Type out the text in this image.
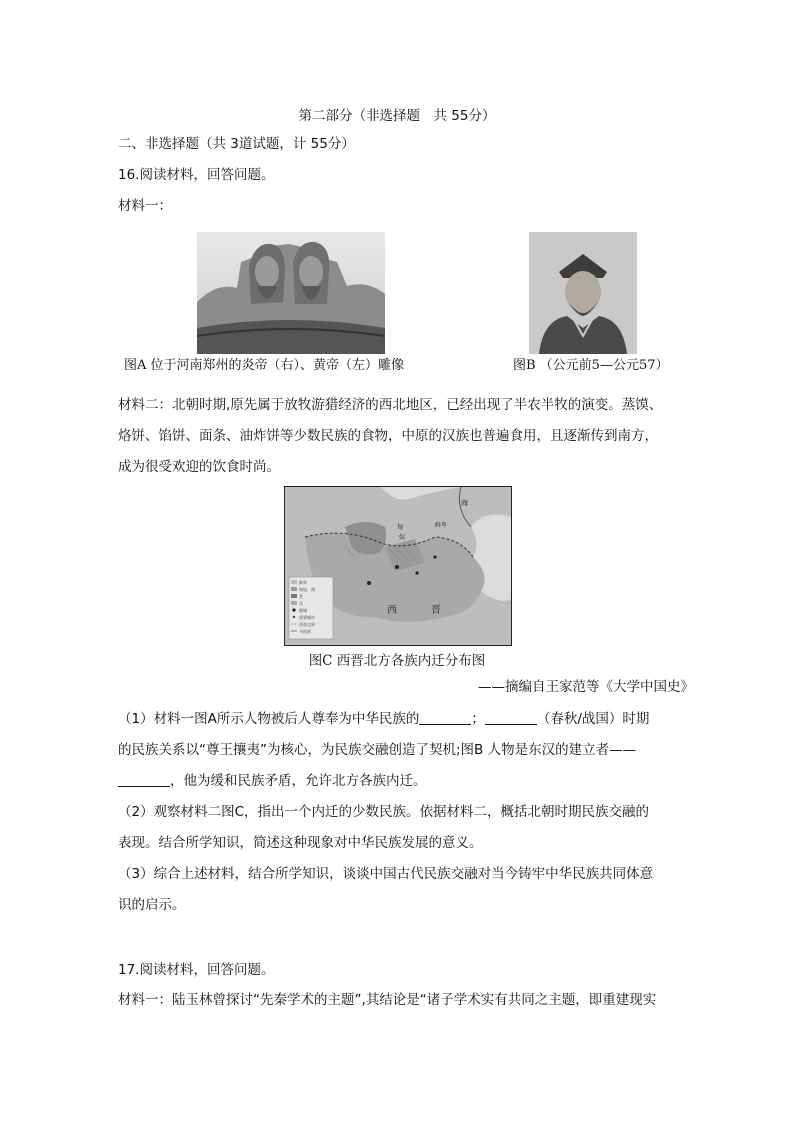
第二部分（非选择题　共 55分）
二、非选择题（共 3道试题，计 55分）
16.阅读材料，回答问题。
材料一：
图A 位于河南郑州的炎帝（右）、黄帝（左）雕像	图B （公元前5—公元57）
材料二：北朝时期,原先属于放牧游猎经济的西北地区，已经出现了半农半牧的演变。蒸馍、
烙饼、馅饼、面条、油炸饼等少数民族的食物，中原的汉族也普遍食用，且逐渐传到南方，
成为很受欢迎的饮食时尚。
鲜卑
匈奴、羯
羌
氐
都城
重要城市
西晋边界
今国界
西	晋
海
匈
奴
鲜卑
图C 西晋北方各族内迁分布图
——摘编自王家范等《大学中国史》
（1）材料一图A所示人物被后人尊奉为中华民族的	；	（春秋/战国）时期
的民族关系以“尊王攘夷”为核心，为民族交融创造了契机;图B 人物是东汉的建立者——
，他为缓和民族矛盾，允许北方各族内迁。
（2）观察材料二图C，指出一个内迁的少数民族。依据材料二，概括北朝时期民族交融的
表现。结合所学知识，简述这种现象对中华民族发展的意义。
（3）综合上述材料，结合所学知识，谈谈中国古代民族交融对当今铸牢中华民族共同体意
识的启示。
17.阅读材料，回答问题。
材料一：陆玉林曾探讨“先秦学术的主题”,其结论是“诸子学术实有共同之主题，即重建现实
